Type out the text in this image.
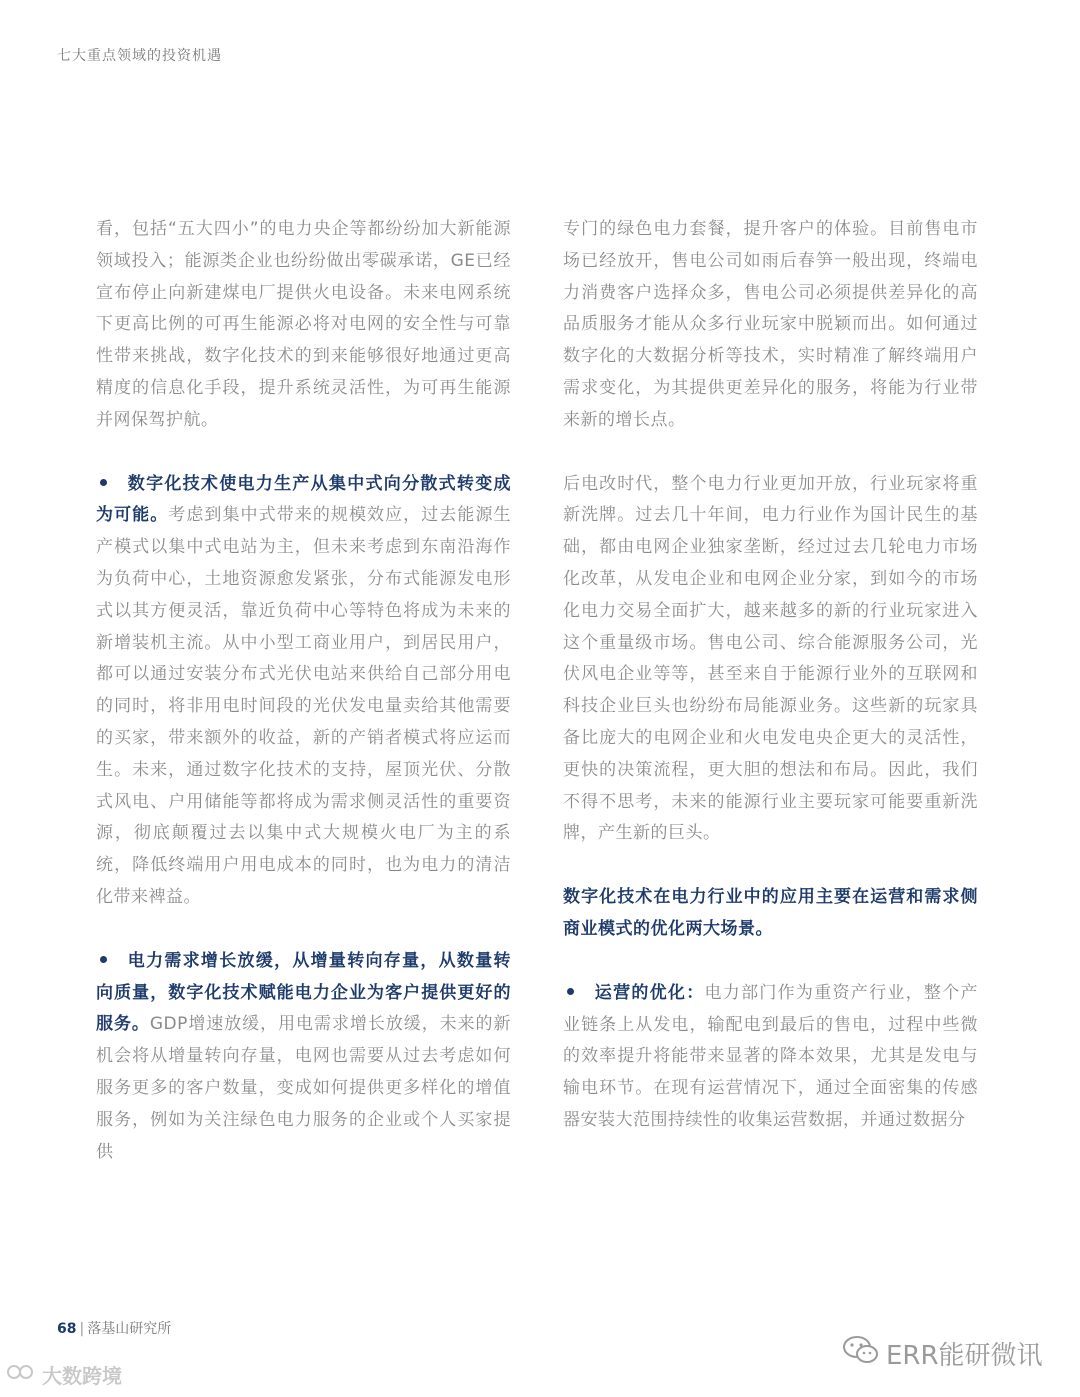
七大重点领域的投资机遇

看，包括“五大四小”的电力央企等都纷纷加大新能源领域投入；能源类企业也纷纷做出零碳承诺，GE已经宣布停止向新建煤电厂提供火电设备。未来电网系统下更高比例的可再生能源必将对电网的安全性与可靠性带来挑战，数字化技术的到来能够很好地通过更高精度的信息化手段，提升系统灵活性，为可再生能源并网保驾护航。

数字化技术使电力生产从集中式向分散式转变成为可能。考虑到集中式带来的规模效应，过去能源生产模式以集中式电站为主，但未来考虑到东南沿海作为负荷中心，土地资源愈发紧张，分布式能源发电形式以其方便灵活，靠近负荷中心等特色将成为未来的新增装机主流。从中小型工商业用户，到居民用户，都可以通过安装分布式光伏电站来供给自己部分用电的同时，将非用电时间段的光伏发电量卖给其他需要的买家，带来额外的收益，新的产销者模式将应运而生。未来，通过数字化技术的支持，屋顶光伏、分散式风电、户用储能等都将成为需求侧灵活性的重要资源，彻底颠覆过去以集中式大规模火电厂为主的系统，降低终端用户用电成本的同时，也为电力的清洁化带来裨益。

电力需求增长放缓，从增量转向存量，从数量转向质量，数字化技术赋能电力企业为客户提供更好的服务。GDP增速放缓，用电需求增长放缓，未来的新机会将从增量转向存量，电网也需要从过去考虑如何服务更多的客户数量，变成如何提供更多样化的增值服务，例如为关注绿色电力服务的企业或个人买家提供

专门的绿色电力套餐，提升客户的体验。目前售电市场已经放开，售电公司如雨后春笋一般出现，终端电力消费客户选择众多，售电公司必须提供差异化的高品质服务才能从众多行业玩家中脱颖而出。如何通过数字化的大数据分析等技术，实时精准了解终端用户需求变化，为其提供更差异化的服务，将能为行业带来新的增长点。

后电改时代，整个电力行业更加开放，行业玩家将重新洗牌。过去几十年间，电力行业作为国计民生的基础，都由电网企业独家垄断，经过过去几轮电力市场化改革，从发电企业和电网企业分家，到如今的市场化电力交易全面扩大，越来越多的新的行业玩家进入这个重量级市场。售电公司、综合能源服务公司，光伏风电企业等等，甚至来自于能源行业外的互联网和科技企业巨头也纷纷布局能源业务。这些新的玩家具备比庞大的电网企业和火电发电央企更大的灵活性，更快的决策流程，更大胆的想法和布局。因此，我们不得不思考，未来的能源行业主要玩家可能要重新洗牌，产生新的巨头。

数字化技术在电力行业中的应用主要在运营和需求侧商业模式的优化两大场景。

运营的优化：电力部门作为重资产行业，整个产业链条上从发电，输配电到最后的售电，过程中些微的效率提升将能带来显著的降本效果，尤其是发电与输电环节。在现有运营情况下，通过全面密集的传感器安装大范围持续性的收集运营数据，并通过数据分

68 | 落基山研究所
大数跨境
ERR能研微讯
